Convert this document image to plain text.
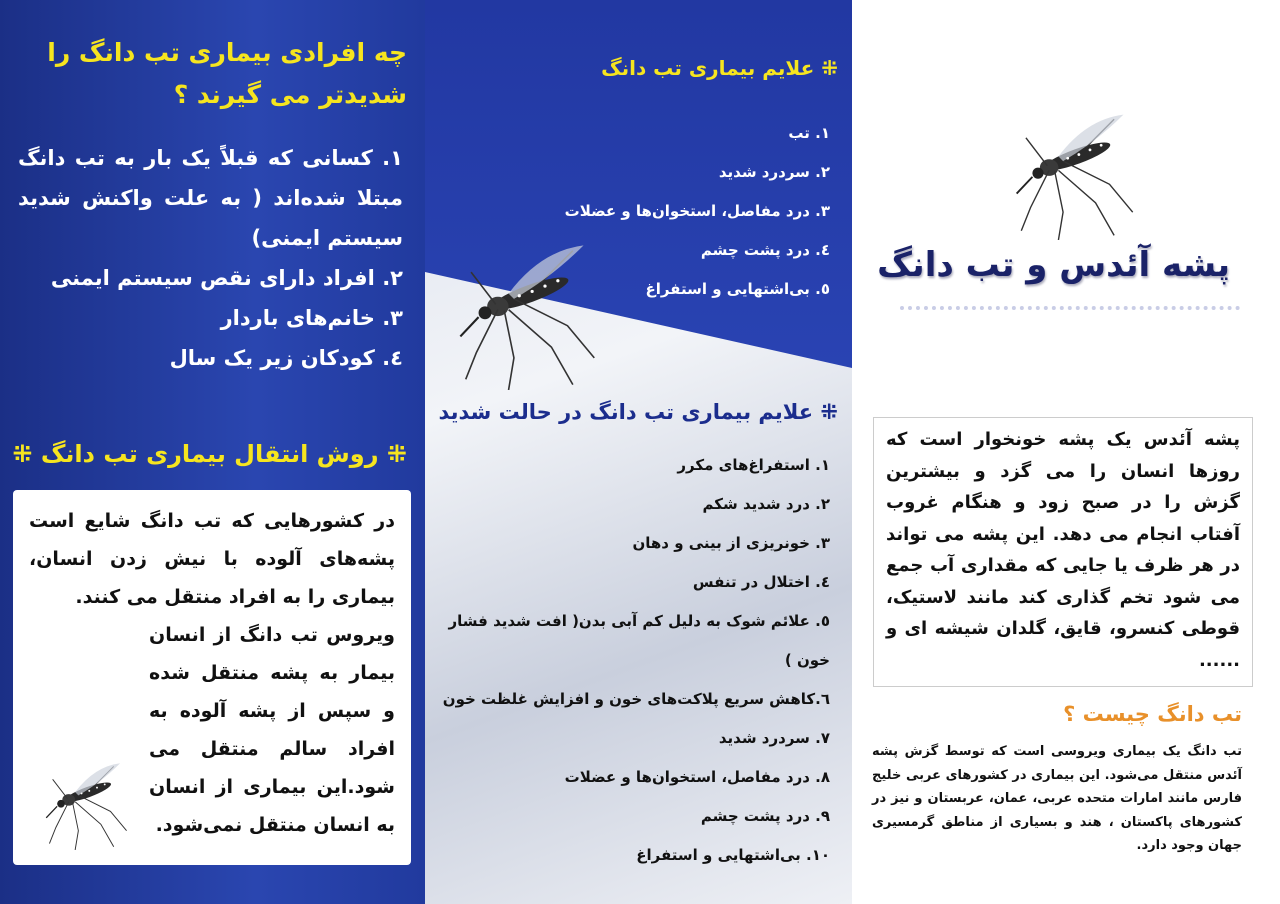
چه افرادی بیماری تب دانگ را شدیدتر می گیرند ؟
۱. کسانی که قبلاً یک بار به تب دانگ مبتلا شده‌اند ( به علت واکنش شدید سیستم ایمنی)
۲. افراد دارای نقص سیستم ایمنی
۳. خانم‌های باردار
٤. کودکان زیر یک سال
⁜ روش انتقال بیماری تب دانگ ⁜

در کشورهایی که تب دانگ شایع است پشه‌های آلوده با نیش زدن انسان، بیماری را به افراد منتقل می کنند.

ویروس تب دانگ از انسان بیمار به پشه منتقل شده و سپس از پشه آلوده به افراد سالم منتقل می شود.این بیماری از انسان به انسان منتقل نمی‌شود.

⁜ علایم بیماری تب دانگ
۱. تب
۲. سردرد شدید
۳. درد مفاصل، استخوان‌ها و عضلات
٤. درد پشت چشم
٥. بی‌اشتهایی و استفراغ
⁜ علایم بیماری تب دانگ در حالت شدید
۱. استفراغ‌های مکرر
۲. درد شدید شکم
۳. خونریزی از بینی و دهان
٤. اختلال در تنفس
٥. علائم شوک به دلیل کم آبی بدن( افت شدید فشار خون )
٦.کاهش سریع پلاکت‌های خون و افزایش غلظت خون
۷. سردرد شدید
۸. درد مفاصل، استخوان‌ها و عضلات
۹. درد پشت چشم
۱۰. بی‌اشتهایی و استفراغ
پشه آئدس و تب دانگ
پشه آئدس یک پشه خونخوار است که روزها انسان را می گزد و بیشترین گزش را در صبح زود و هنگام غروب آفتاب انجام می دهد. این پشه می تواند در هر ظرف یا جایی که مقداری آب جمع می شود تخم گذاری کند مانند لاستیک، قوطی کنسرو، قایق، گلدان شیشه ای و ......
تب دانگ چیست ؟

تب دانگ یک بیماری ویروسی است که توسط گزش پشه آئدس منتقل می‌شود. این بیماری در کشورهای عربی خلیج فارس مانند امارات متحده عربی، عمان، عربستان و نیز در کشورهای پاکستان ، هند و بسیاری از مناطق گرمسیری جهان وجود دارد.
